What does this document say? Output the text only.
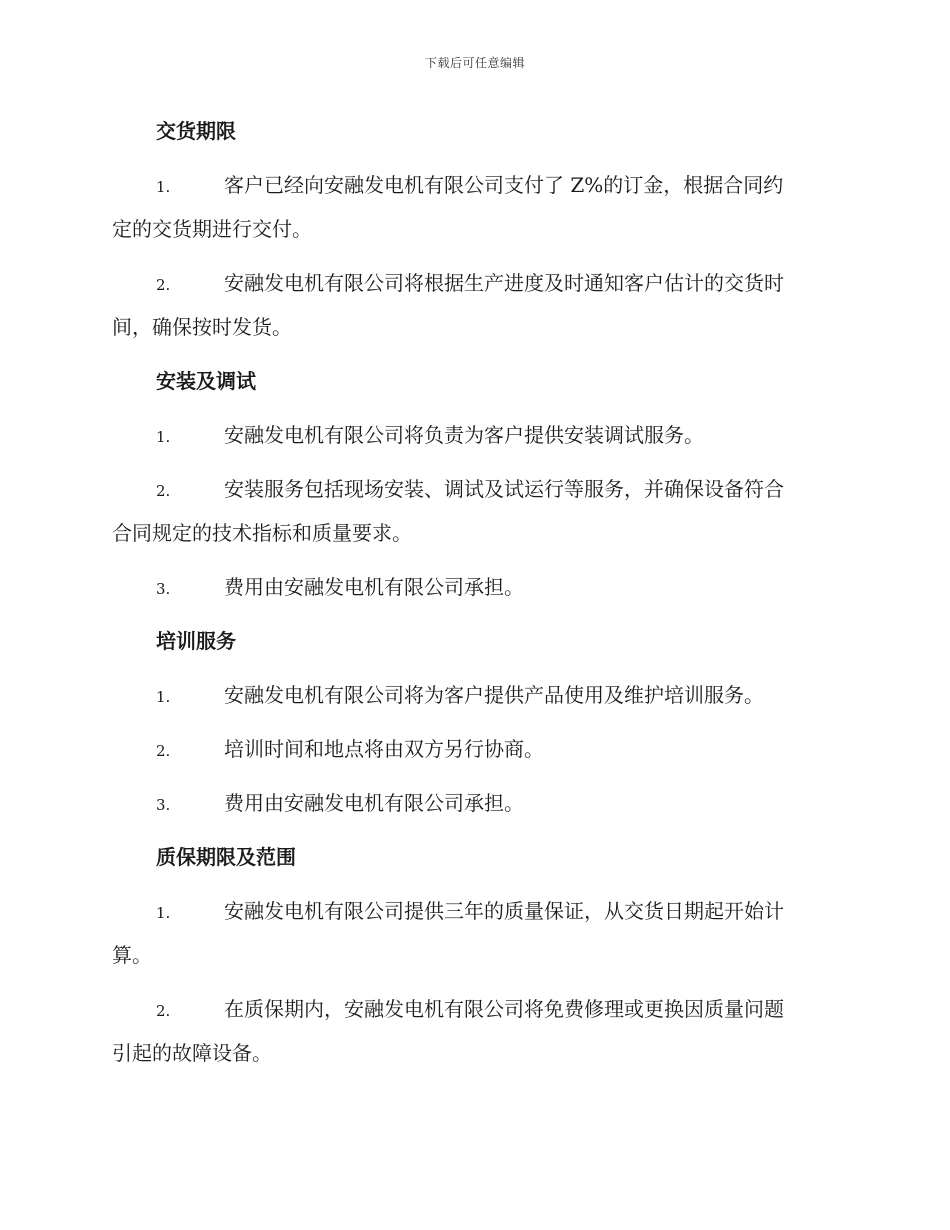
下载后可任意编辑
交货期限
1.	客户已经向安融发电机有限公司支付了 Z%的订金，根据合同约
定的交货期进行交付。
2.	安融发电机有限公司将根据生产进度及时通知客户估计的交货时
间，确保按时发货。
安装及调试
1.	安融发电机有限公司将负责为客户提供安装调试服务。
2.	安装服务包括现场安装、调试及试运行等服务，并确保设备符合
合同规定的技术指标和质量要求。
3.	费用由安融发电机有限公司承担。
培训服务
1.	安融发电机有限公司将为客户提供产品使用及维护培训服务。
2.	培训时间和地点将由双方另行协商。
3.	费用由安融发电机有限公司承担。
质保期限及范围
1.	安融发电机有限公司提供三年的质量保证，从交货日期起开始计
算。
2.	在质保期内，安融发电机有限公司将免费修理或更换因质量问题
引起的故障设备。
